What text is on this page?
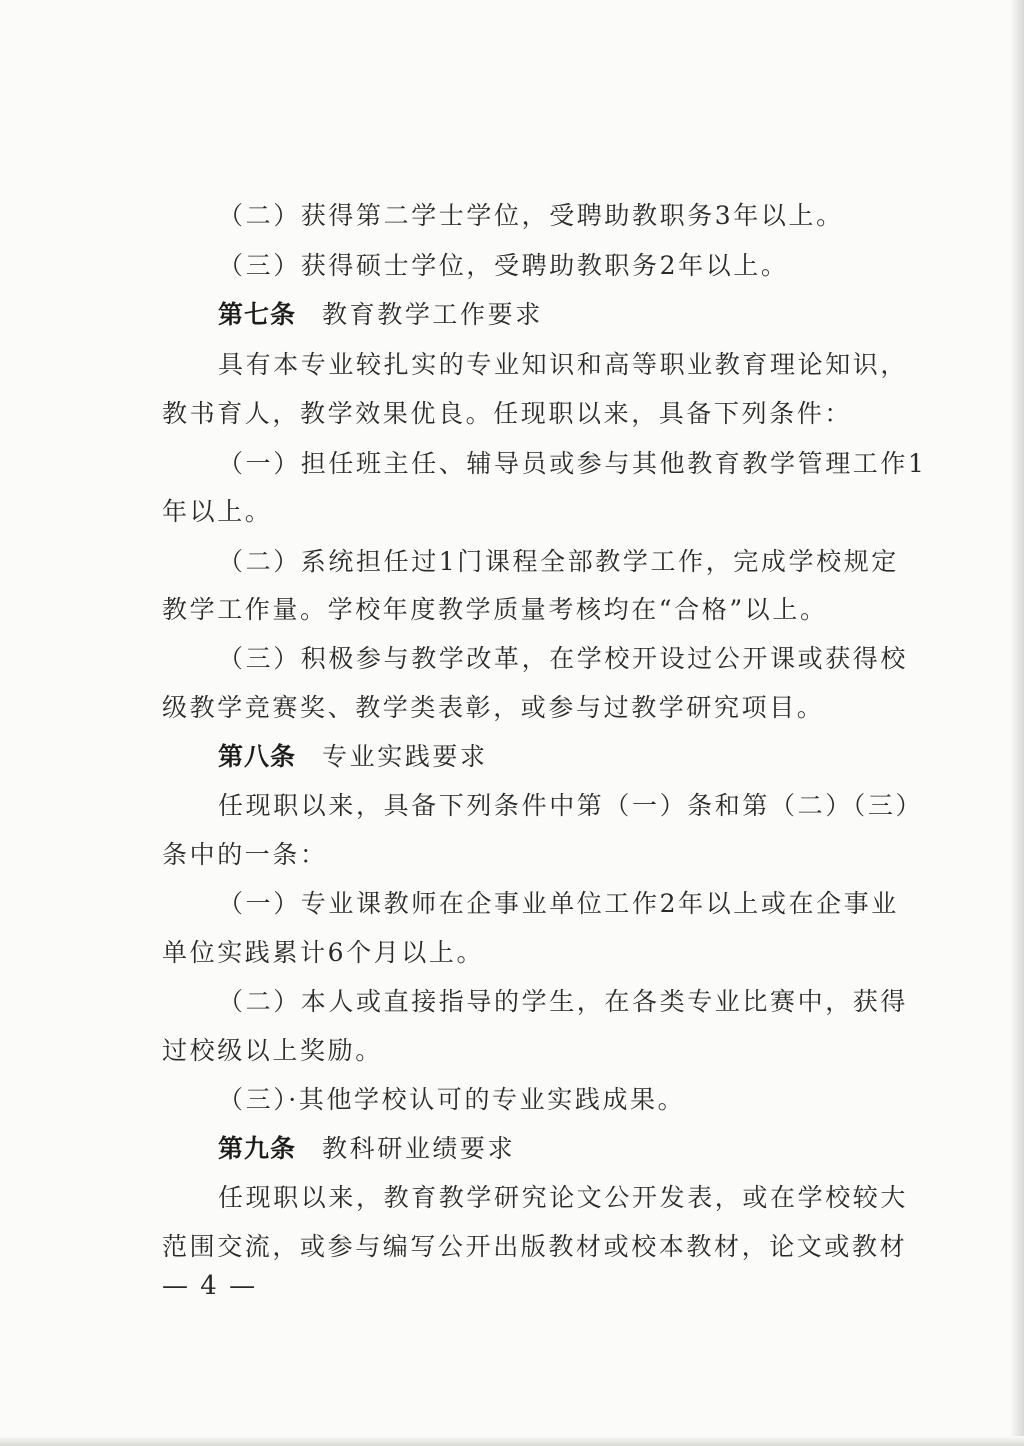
（二）获得第二学士学位，受聘助教职务3年以上。
（三）获得硕士学位，受聘助教职务2年以上。
第七条 教育教学工作要求
具有本专业较扎实的专业知识和高等职业教育理论知识，
教书育人，教学效果优良。任现职以来，具备下列条件：
（一）担任班主任、辅导员或参与其他教育教学管理工作1
年以上。
（二）系统担任过1门课程全部教学工作，完成学校规定
教学工作量。学校年度教学质量考核均在“合格”以上。
（三）积极参与教学改革，在学校开设过公开课或获得校
级教学竞赛奖、教学类表彰，或参与过教学研究项目。
第八条 专业实践要求
任现职以来，具备下列条件中第（一）条和第（二）（三）
条中的一条：
（一）专业课教师在企事业单位工作2年以上或在企事业
单位实践累计6个月以上。
（二）本人或直接指导的学生，在各类专业比赛中，获得
过校级以上奖励。
（三）·其他学校认可的专业实践成果。
第九条 教科研业绩要求
任现职以来，教育教学研究论文公开发表，或在学校较大
范围交流，或参与编写公开出版教材或校本教材，论文或教材
— 4 —
